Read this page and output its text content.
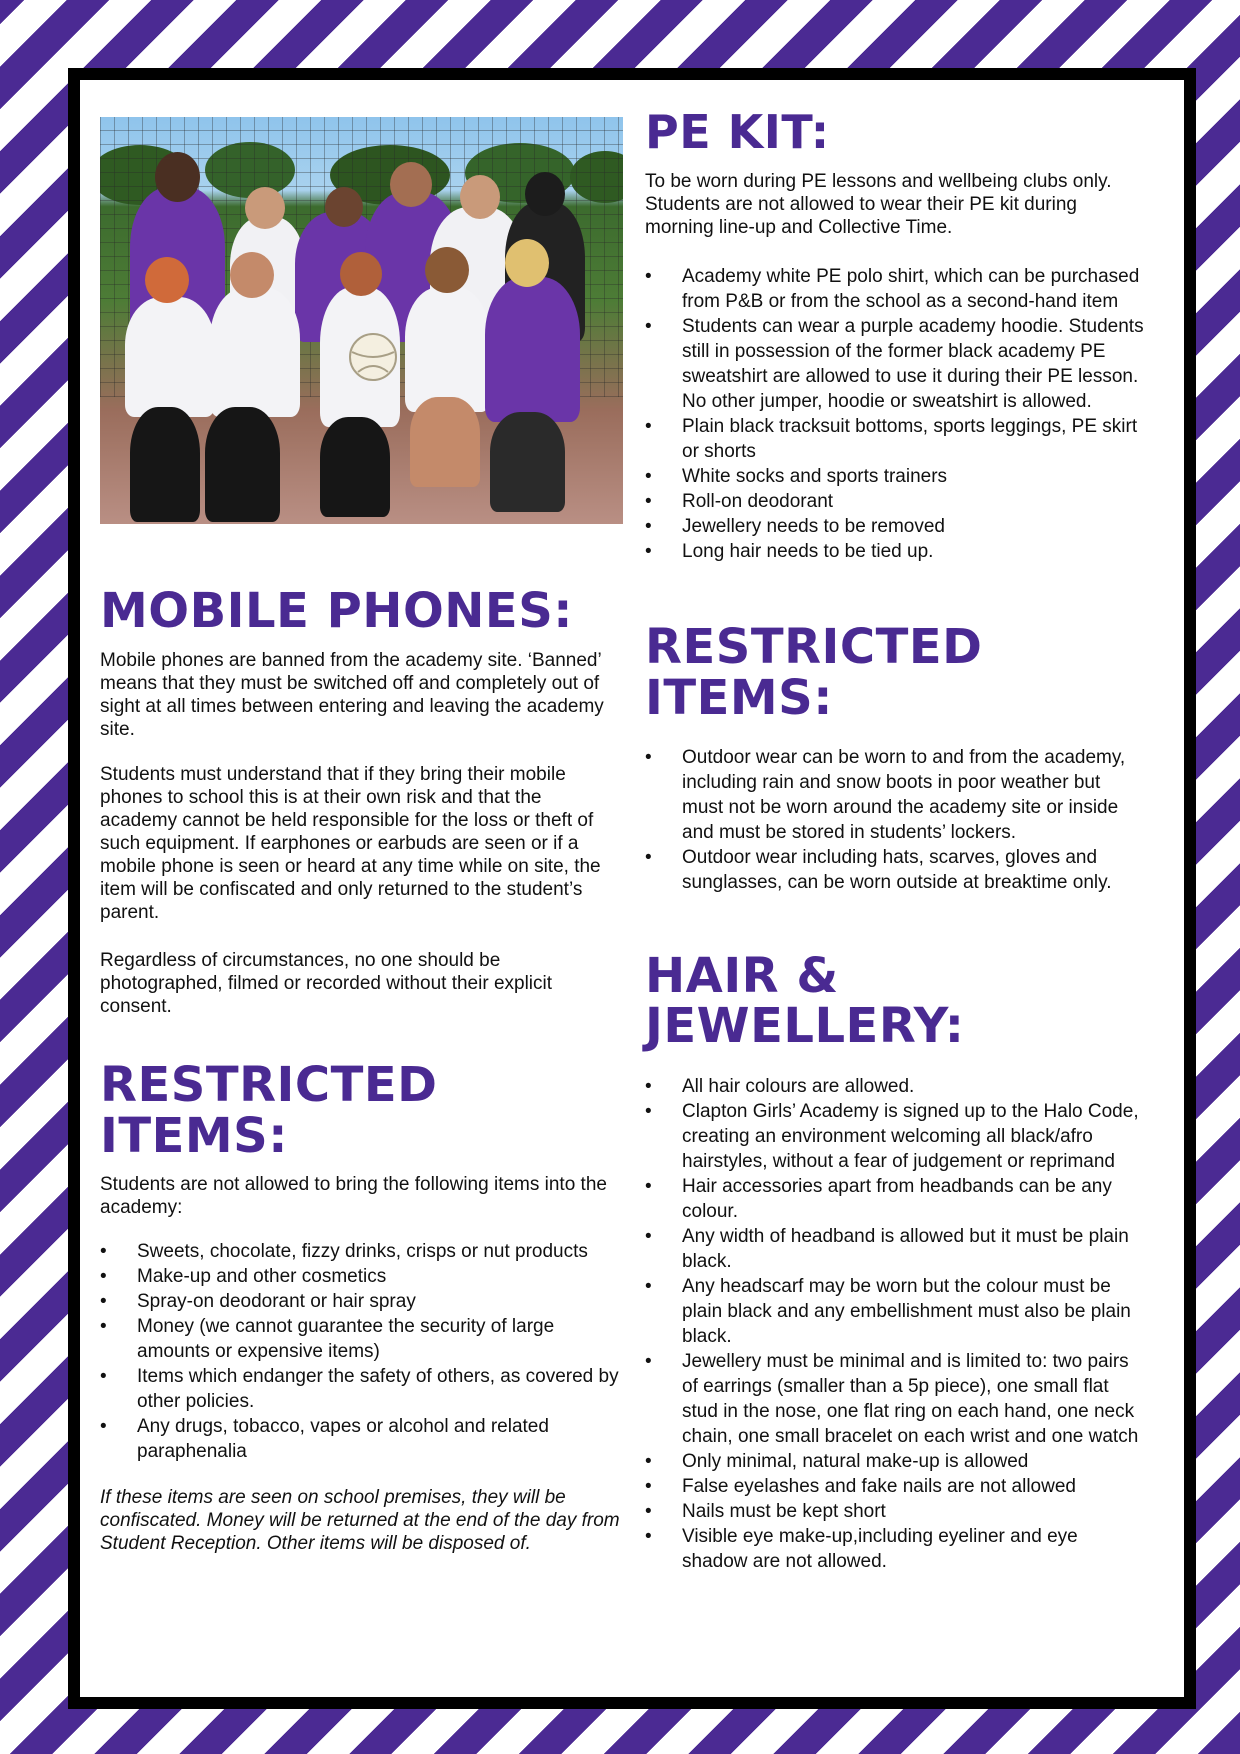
MOBILE PHONES:

Mobile phones are banned from the academy site. ‘Banned’ means that they must be switched off and completely out of sight at all times between entering and leaving the academy site.

Students must understand that if they bring their mobile phones to school this is at their own risk and that the academy cannot be held responsible for the loss or theft of such equipment. If earphones or earbuds are seen or if a mobile phone is seen or heard at any time while on site, the item will be confiscated and only returned to the student’s parent.

Regardless of circumstances, no one should be photographed, filmed or recorded without their explicit consent.

RESTRICTED ITEMS:

Students are not allowed to bring the following items into the academy:

• Sweets, chocolate, fizzy drinks, crisps or nut products
• Make-up and other cosmetics
• Spray-on deodorant or hair spray
• Money (we cannot guarantee the security of large amounts or expensive items)
• Items which endanger the safety of others, as covered by other policies.
• Any drugs, tobacco, vapes or alcohol and related paraphenalia

If these items are seen on school premises, they will be confiscated. Money will be returned at the end of the day from Student Reception. Other items will be disposed of.

PE KIT:

To be worn during PE lessons and wellbeing clubs only. Students are not allowed to wear their PE kit during morning line-up and Collective Time.

• Academy white PE polo shirt, which can be purchased from P&B or from the school as a second-hand item
• Students can wear a purple academy hoodie. Students still in possession of the former black academy PE sweatshirt are allowed to use it during their PE lesson. No other jumper, hoodie or sweatshirt is allowed.
• Plain black tracksuit bottoms, sports leggings, PE skirt or shorts
• White socks and sports trainers
• Roll-on deodorant
• Jewellery needs to be removed
• Long hair needs to be tied up.
RESTRICTED ITEMS:
• Outdoor wear can be worn to and from the academy, including rain and snow boots in poor weather but must not be worn around the academy site or inside and must be stored in students’ lockers.
• Outdoor wear including hats, scarves, gloves and sunglasses, can be worn outside at breaktime only.
HAIR & JEWELLERY:
• All hair colours are allowed.
• Clapton Girls’ Academy is signed up to the Halo Code, creating an environment welcoming all black/afro hairstyles, without a fear of judgement or reprimand
• Hair accessories apart from headbands can be any colour.
• Any width of headband is allowed but it must be plain black.
• Any headscarf may be worn but the colour must be plain black and any embellishment must also be plain black.
• Jewellery must be minimal and is limited to: two pairs of earrings (smaller than a 5p piece), one small flat stud in the nose, one flat ring on each hand, one neck chain, one small bracelet on each wrist and one watch
• Only minimal, natural make-up is allowed
• False eyelashes and fake nails are not allowed
• Nails must be kept short
• Visible eye make-up,including eyeliner and eye shadow are not allowed.
